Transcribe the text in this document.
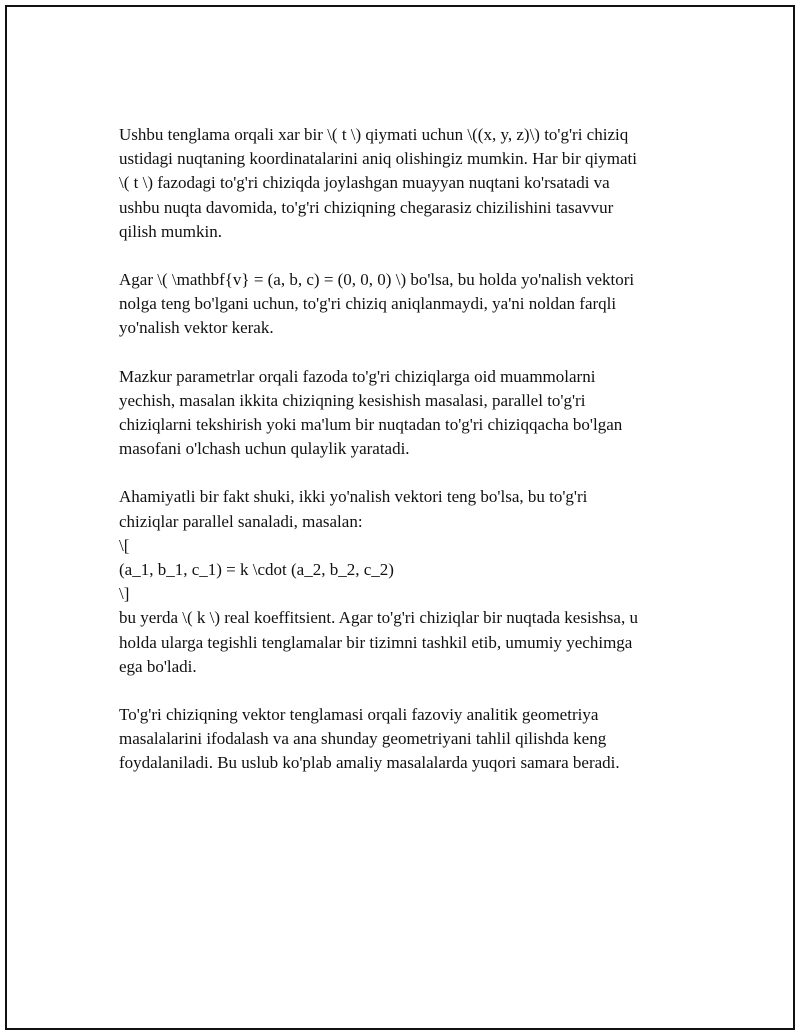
Ushbu tenglama orqali xar bir \( t \) qiymati uchun \((x, y, z)\) to'g'ri chiziq
ustidagi nuqtaning koordinatalarini aniq olishingiz mumkin. Har bir qiymati
\( t \) fazodagi to'g'ri chiziqda joylashgan muayyan nuqtani ko'rsatadi va
ushbu nuqta davomida, to'g'ri chiziqning chegarasiz chizilishini tasavvur
qilish mumkin.

Agar \( \mathbf{v} = (a, b, c) = (0, 0, 0) \) bo'lsa, bu holda yo'nalish vektori
nolga teng bo'lgani uchun, to'g'ri chiziq aniqlanmaydi, ya'ni noldan farqli
yo'nalish vektor kerak.

Mazkur parametrlar orqali fazoda to'g'ri chiziqlarga oid muammolarni
yechish, masalan ikkita chiziqning kesishish masalasi, parallel to'g'ri
chiziqlarni tekshirish yoki ma'lum bir nuqtadan to'g'ri chiziqqacha bo'lgan
masofani o'lchash uchun qulaylik yaratadi.

Ahamiyatli bir fakt shuki, ikki yo'nalish vektori teng bo'lsa, bu to'g'ri
chiziqlar parallel sanaladi, masalan:
\[
(a_1, b_1, c_1) = k \cdot (a_2, b_2, c_2)
\]
bu yerda \( k \) real koeffitsient. Agar to'g'ri chiziqlar bir nuqtada kesishsa, u
holda ularga tegishli tenglamalar bir tizimni tashkil etib, umumiy yechimga
ega bo'ladi.

To'g'ri chiziqning vektor tenglamasi orqali fazoviy analitik geometriya
masalalarini ifodalash va ana shunday geometriyani tahlil qilishda keng
foydalaniladi. Bu uslub ko'plab amaliy masalalarda yuqori samara beradi.
